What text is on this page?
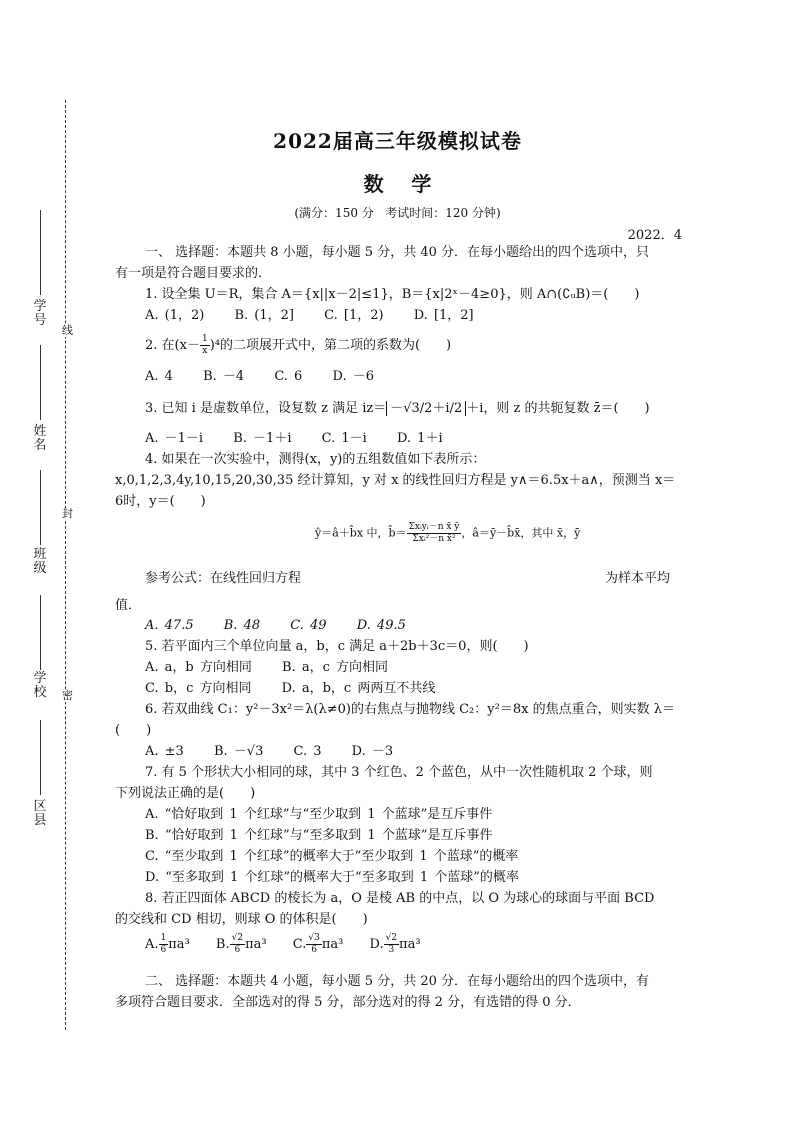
学号
姓名
班级
学校
区县
线
封
密
2022届高三年级模拟试卷
数    学
(满分：150 分   考试时间：120 分钟)
2022．4
一、 选择题：本题共 8 小题，每小题 5 分，共 40 分．在每小题给出的四个选项中，只
有一项是符合题目要求的．
1. 设全集 U＝R，集合 A＝{x||x－2|≤1}，B＝{x|2ˣ－4≥0}，则 A∩(∁ᵤB)＝(　　)
A. (1，2) B. (1，2] C. [1，2) D. [1，2]
2. 在$(x- \frac{1}{x} )^4$的二项展开式中，第二项的系数为(　　)
A. 4 B. －4 C. 6 D. －6
3. 已知 i 是虚数单位，设复数 z 满足 iz＝ －√3/2＋i/2 ＋i，则 z 的共轭复数 z̄＝(　　)
A. －1－i B. －1＋i C. 1－i D. 1＋i
4. 如果在一次实验中，测得(x，y)的五组数值如下表所示：
x,0,1,2,3,4y,10,15,20,30,35 经计算知，y 对 x 的线性回归方程是 y∧＝6.5x＋a∧，预测当 x＝
6时，y＝(　　)
ŷ＝â＋b̂x 中，b̂＝ $\frac{\text{Σxᵢyᵢ－n x̄ ȳ}}{\text{Σxᵢ²－n x̄²}}$ ，â＝ȳ－b̂x̄，其中 x̄，ȳ
参考公式：在线性回归方程	为样本平均
值．
A. 47.5 B. 48 C. 49 D. 49.5
5. 若平面内三个单位向量 a，b，c 满足 a＋2b＋3c＝0，则(　　)
A. a，b 方向相同 B. a，c 方向相同
C. b，c 方向相同 D. a，b，c 两两互不共线
6. 若双曲线 C₁：y²－3x²＝λ(λ≠0)的右焦点与抛物线 C₂：y²＝8x 的焦点重合，则实数 λ＝
(　　)
A. ±3 B. －√3 C. 3 D. －3
7. 有 5 个形状大小相同的球，其中 3 个红色、2 个蓝色，从中一次性随机取 2 个球，则
下列说法正确的是(　　)
A. “恰好取到 1 个红球”与“至少取到 1 个蓝球”是互斥事件
B. “恰好取到 1 个红球”与“至多取到 1 个蓝球”是互斥事件
C. “至少取到 1 个红球”的概率大于“至少取到 1 个蓝球”的概率
D. “至多取到 1 个红球”的概率大于“至多取到 1 个蓝球”的概率
8. 若正四面体 ABCD 的棱长为 a，O 是棱 AB 的中点，以 O 为球心的球面与平面 BCD
的交线和 CD 相切，则球 O 的体积是(　　)
A. $\frac{1}{6} \pi a^3$ B. $\frac{√2}{6} \pi a^3$ C. $\frac{√3}{6} \pi a^3$ D. $\frac{√2}{3} \pi a^3$
二、 选择题：本题共 4 小题，每小题 5 分，共 20 分．在每小题给出的四个选项中，有
多项符合题目要求．全部选对的得 5 分，部分选对的得 2 分，有选错的得 0 分．
